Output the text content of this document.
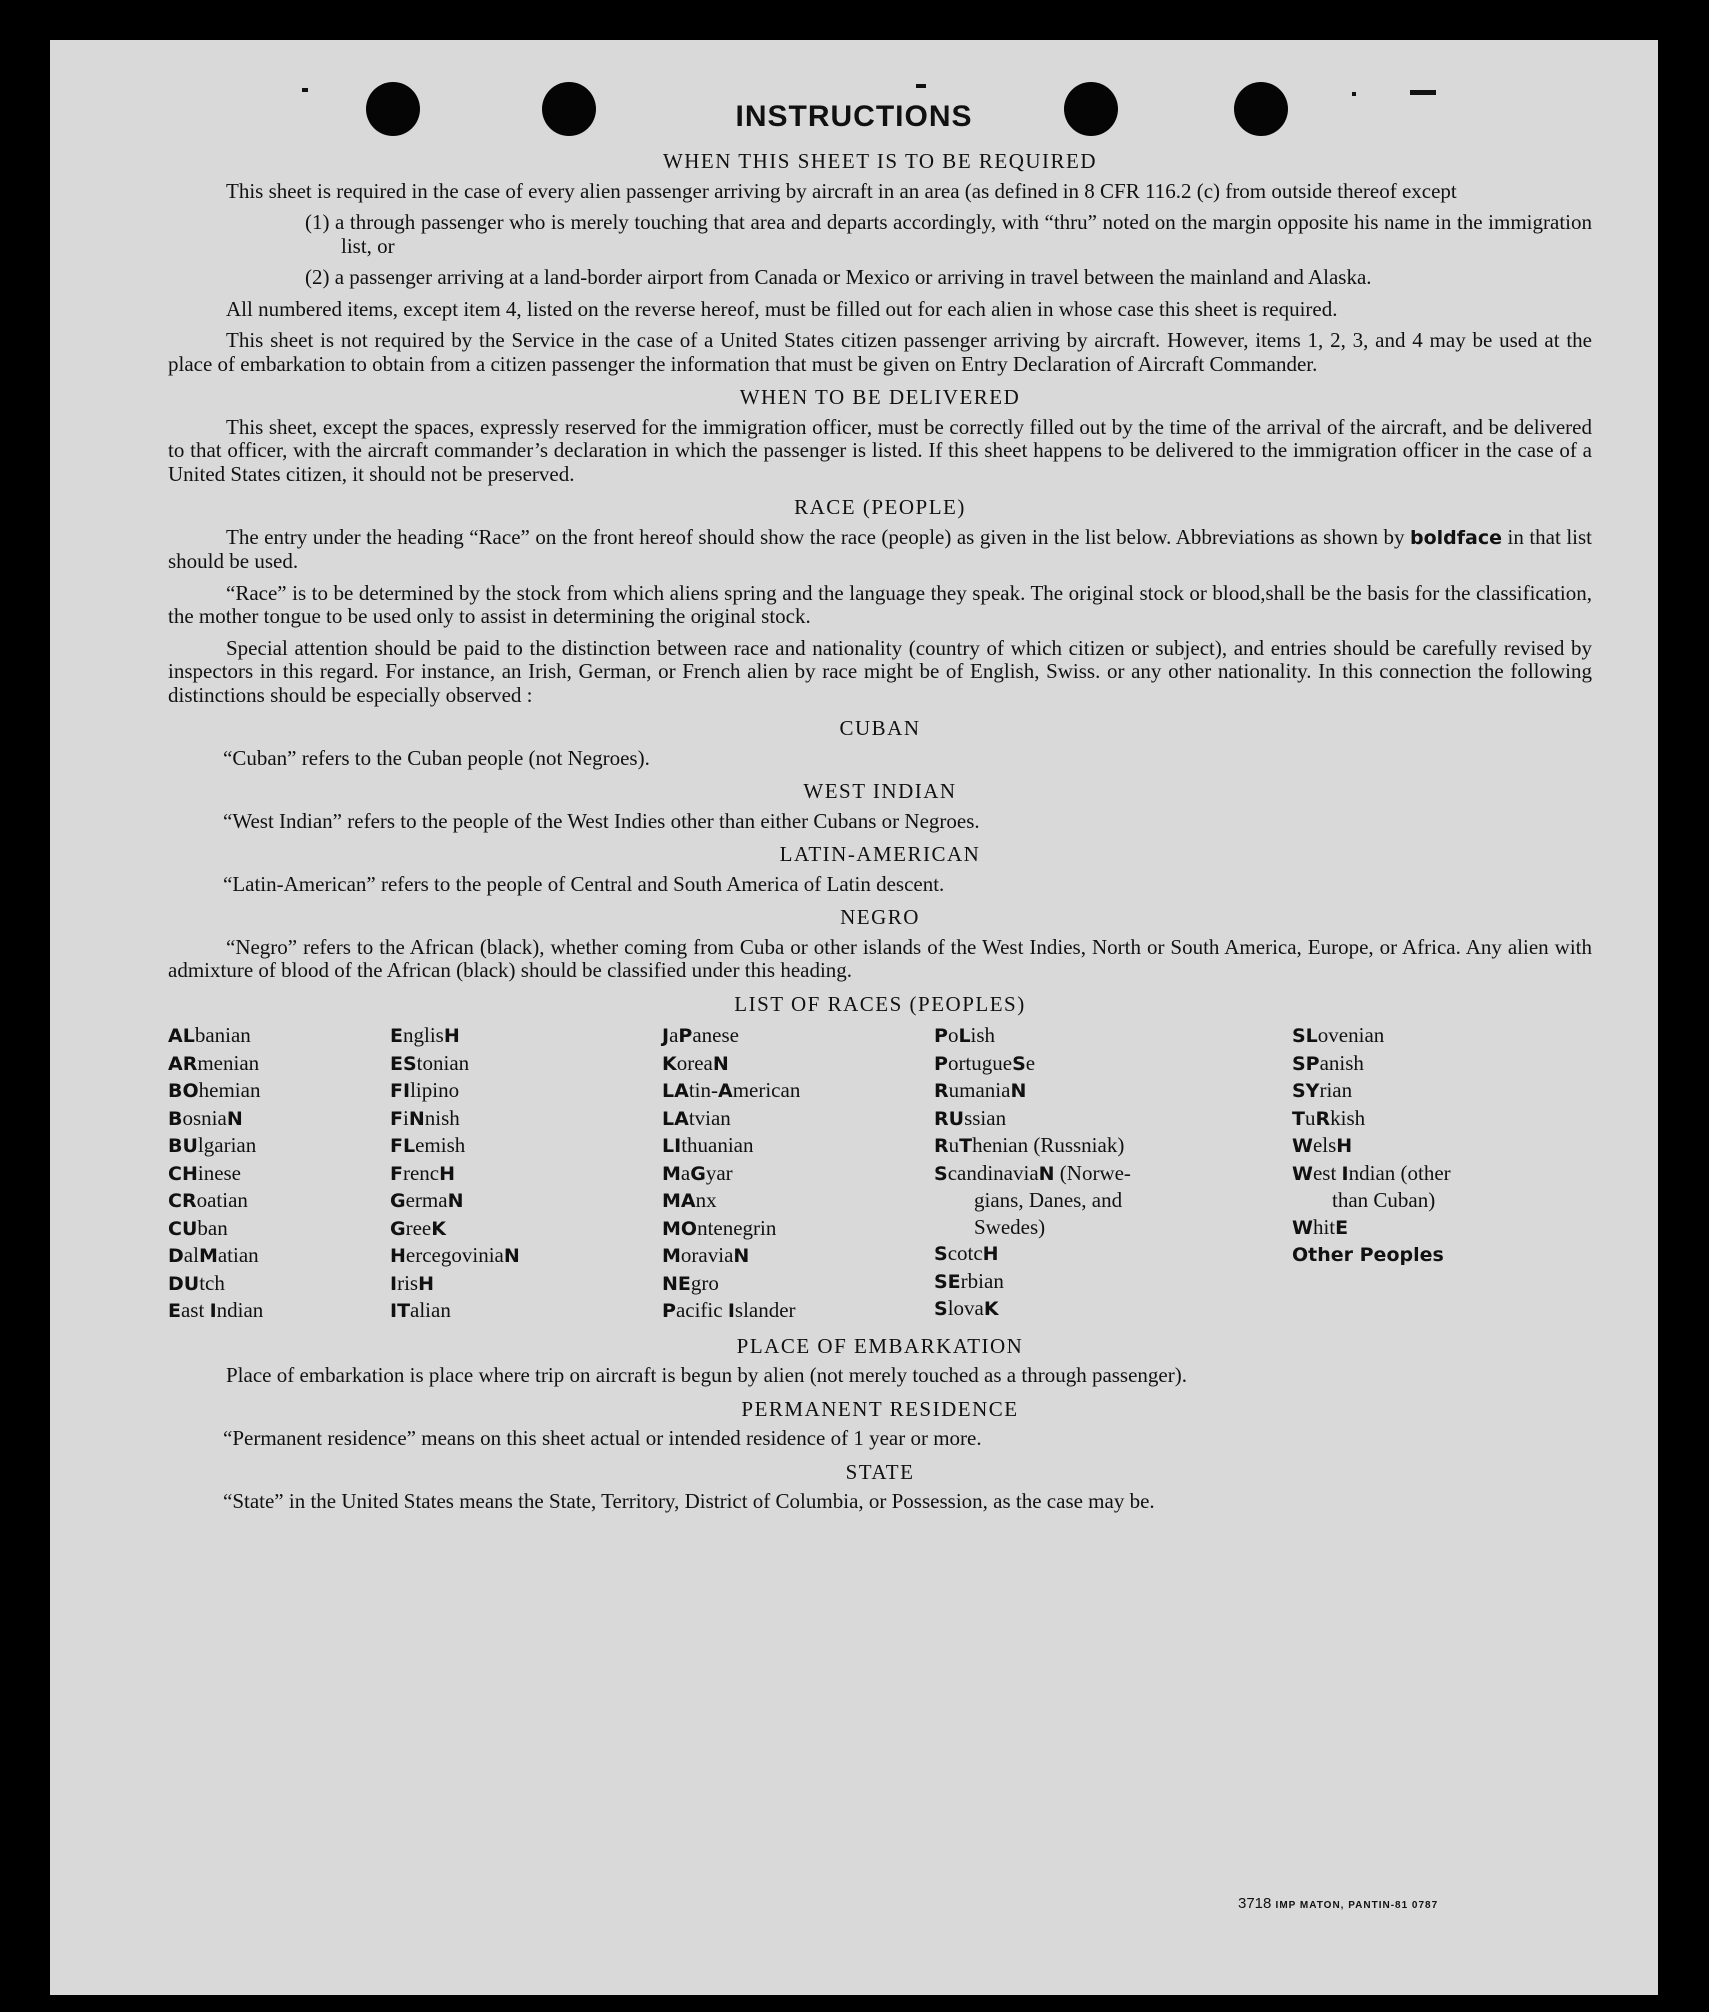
INSTRUCTIONS
WHEN THIS SHEET IS TO BE REQUIRED

This sheet is required in the case of every alien passenger arriving by aircraft in an area (as defined in 8 CFR 116.2 (c) from outside thereof except

(1) a through passenger who is merely touching that area and departs accordingly, with “thru” noted on the margin opposite his name in the immigration list, or
(2) a passenger arriving at a land-border airport from Canada or Mexico or arriving in travel between the mainland and Alaska.

All numbered items, except item 4, listed on the reverse hereof, must be filled out for each alien in whose case this sheet is required.

This sheet is not required by the Service in the case of a United States citizen passenger arriving by aircraft. However, items 1, 2, 3, and 4 may be used at the place of embarkation to obtain from a citizen passenger the information that must be given on Entry Declaration of Aircraft Commander.

WHEN TO BE DELIVERED

This sheet, except the spaces, expressly reserved for the immigration officer, must be correctly filled out by the time of the arrival of the aircraft, and be delivered to that officer, with the aircraft commander’s declaration in which the passenger is listed. If this sheet happens to be delivered to the immigration officer in the case of a United States citizen, it should not be preserved.

RACE (PEOPLE)

The entry under the heading “Race” on the front hereof should show the race (people) as given in the list below. Abbreviations as shown by boldface in that list should be used.

“Race” is to be determined by the stock from which aliens spring and the language they speak. The original stock or blood,shall be the basis for the classification, the mother tongue to be used only to assist in determining the original stock.

Special attention should be paid to the distinction between race and nationality (country of which citizen or subject), and entries should be carefully revised by inspectors in this regard. For instance, an Irish, German, or French alien by race might be of English, Swiss. or any other nationality. In this connection the following distinctions should be especially observed :

CUBAN

“Cuban” refers to the Cuban people (not Negroes).

WEST INDIAN

“West Indian” refers to the people of the West Indies other than either Cubans or Negroes.

LATIN-AMERICAN

“Latin-American” refers to the people of Central and South America of Latin descent.

NEGRO

“Negro” refers to the African (black), whether coming from Cuba or other islands of the West Indies, North or South America, Europe, or Africa. Any alien with admixture of blood of the African (black) should be classified under this heading.

LIST OF RACES (PEOPLES)
ALbanian
ARmenian
BOhemian
BosniaN
BUlgarian
CHinese
CRoatian
CUban
DalMatian
DUtch
East Indian
EnglisH
EStonian
FIlipino
FiNnish
FLemish
FrencH
GermaN
GreeK
HercegoviniaN
IrisH
ITalian
JaPanese
KoreaN
LAtin-American
LAtvian
LIthuanian
MaGyar
MAnx
MOntenegrin
MoraviaN
NEgro
Pacific Islander
PoLish
PortugueSe
RumaniaN
RUssian
RuThenian (Russniak)
ScandinaviaN (Norwe-
gians, Danes, and
Swedes)
ScotcH
SErbian
SlovaK
SLovenian
SPanish
SYrian
TuRkish
WelsH
West Indian (other
than Cuban)
WhitE
Other Peoples
PLACE OF EMBARKATION

Place of embarkation is place where trip on aircraft is begun by alien (not merely touched as a through passenger).

PERMANENT RESIDENCE

“Permanent residence” means on this sheet actual or intended residence of 1 year or more.

STATE

“State” in the United States means the State, Territory, District of Columbia, or Possession, as the case may be.

3718 IMP MATON, PANTIN-81 0787
